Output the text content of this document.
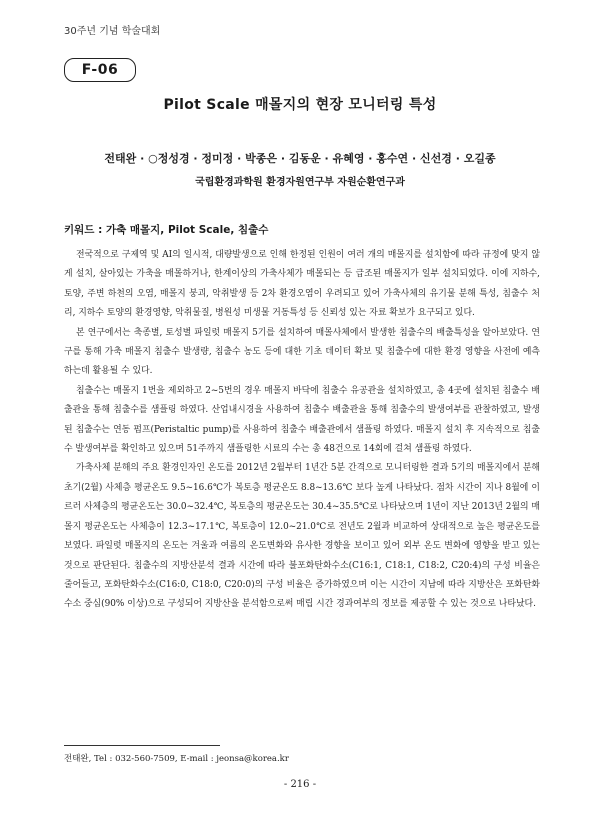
30주년 기념 학술대회
F-06
Pilot Scale 매몰지의 현장 모니터링 특성
전태완 · ○정성경 · 정미정 · 박종은 · 김동운 · 유혜영 · 홍수연 · 신선경 · 오길종
국립환경과학원 환경자원연구부 자원순환연구과
키워드 : 가축 매몰지, Pilot Scale, 침출수

전국적으로 구제역 및 AI의 일시적, 대량발생으로 인해 한정된 인원이 여러 개의 매몰지를 설치함에 따라 규정에 맞지 않게 설치, 살아있는 가축을 매몰하거나, 한계이상의 가축사체가 매몰되는 등 급조된 매몰지가 일부 설치되었다. 이에 지하수, 토양, 주변 하천의 오염, 매몰지 붕괴, 악취발생 등 2차 환경오염이 우려되고 있어 가축사체의 유기물 분해 특성, 침출수 처리, 지하수 토양의 환경영향, 악취물질, 병원성 미생물 거동특성 등 신뢰성 있는 자료 확보가 요구되고 있다.

본 연구에서는 축종별, 토성별 파일럿 매몰지 5기를 설치하여 매몰사체에서 발생한 침출수의 배출특성을 알아보았다. 연구를 통해 가축 매몰지 침출수 발생량, 침출수 농도 등에 대한 기초 데이터 확보 및 침출수에 대한 환경 영향을 사전에 예측하는데 활용될 수 있다.

침출수는 매몰지 1번을 제외하고 2~5번의 경우 매몰지 바닥에 침출수 유공관을 설치하였고, 총 4곳에 설치된 침출수 배출관을 통해 침출수를 샘플링 하였다. 산업내시경을 사용하여 침출수 배출관을 통해 침출수의 발생여부를 관찰하였고, 발생된 침출수는 연동 펌프(Peristaltic pump)를 사용하여 침출수 배출관에서 샘플링 하였다. 매몰지 설치 후 지속적으로 침출수 발생여부를 확인하고 있으며 51주까지 샘플링한 시료의 수는 총 48건으로 14회에 걸쳐 샘플링 하였다.

가축사체 분해의 주요 환경인자인 온도를 2012년 2월부터 1년간 5분 간격으로 모니터링한 결과 5기의 매몰지에서 분해 초기(2월) 사체층 평균온도 9.5~16.6℃가 복토층 평균온도 8.8~13.6℃ 보다 높게 나타났다. 점차 시간이 지나 8월에 이르러 사체층의 평균온도는 30.0~32.4℃, 복토층의 평균온도는 30.4~35.5℃로 나타났으며 1년이 지난 2013년 2월의 매몰지 평균온도는 사체층이 12.3~17.1℃, 복토층이 12.0~21.0℃로 전년도 2월과 비교하여 상대적으로 높은 평균온도를 보였다. 파일럿 매몰지의 온도는 겨울과 여름의 온도변화와 유사한 경향을 보이고 있어 외부 온도 변화에 영향을 받고 있는 것으로 판단된다. 침출수의 지방산분석 결과 시간에 따라 불포화탄화수소(C16:1, C18:1, C18:2, C20:4)의 구성 비율은 줄어들고, 포화탄화수소(C16:0, C18:0, C20:0)의 구성 비율은 증가하였으며 이는 시간이 지남에 따라 지방산은 포화탄화수소 중심(90% 이상)으로 구성되어 지방산을 분석함으로써 매립 시간 경과여부의 정보를 제공할 수 있는 것으로 나타났다.

전태완, Tel : 032-560-7509, E-mail : jeonsa@korea.kr
- 216 -
